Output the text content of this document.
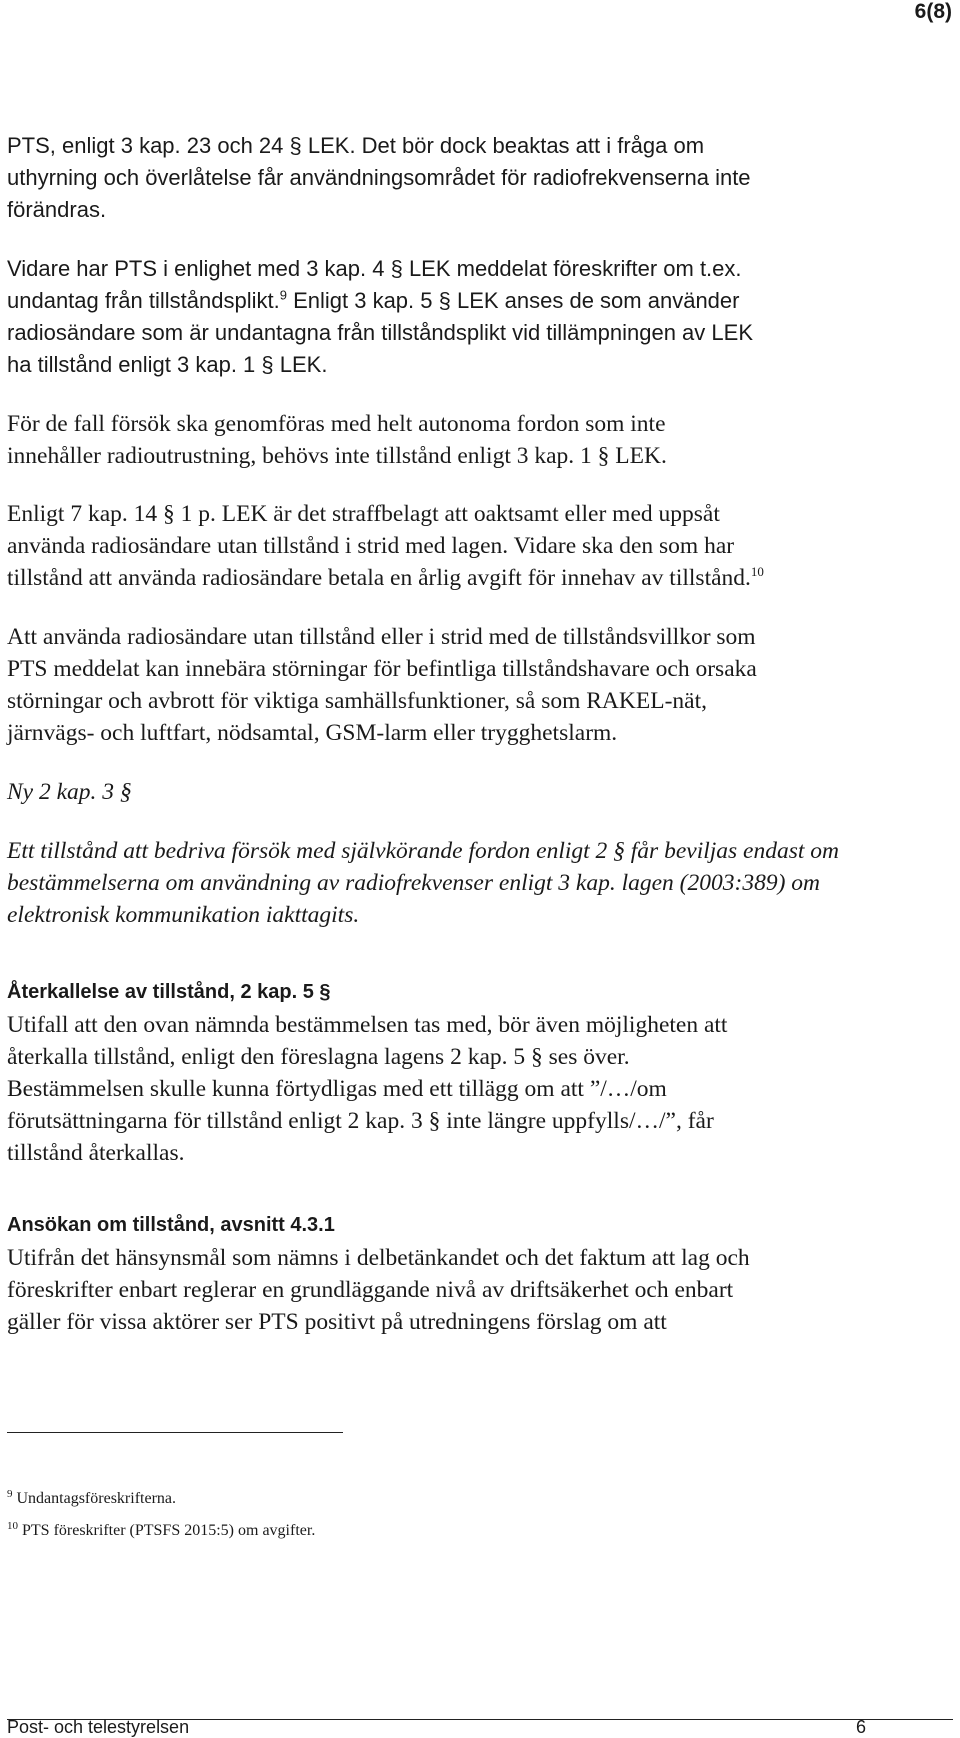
6(8)
PTS, enligt 3 kap. 23 och 24 § LEK. Det bör dock beaktas att i fråga om
uthyrning och överlåtelse får användningsområdet för radiofrekvenserna inte
förändras.
Vidare har PTS i enlighet med 3 kap. 4 § LEK meddelat föreskrifter om t.ex.
undantag från tillståndsplikt.$^9$ Enligt 3 kap. 5 § LEK anses de som använder
radiosändare som är undantagna från tillståndsplikt vid tillämpningen av LEK
ha tillstånd enligt 3 kap. 1 § LEK.
För de fall försök ska genomföras med helt autonoma fordon som inte
innehåller radioutrustning, behövs inte tillstånd enligt 3 kap. 1 § LEK.
Enligt 7 kap. 14 § 1 p. LEK är det straffbelagt att oaktsamt eller med uppsåt
använda radiosändare utan tillstånd i strid med lagen. Vidare ska den som har
tillstånd att använda radiosändare betala en årlig avgift för innehav av tillstånd.$^{10}$
Att använda radiosändare utan tillstånd eller i strid med de tillståndsvillkor som
PTS meddelat kan innebära störningar för befintliga tillståndshavare och orsaka
störningar och avbrott för viktiga samhällsfunktioner, så som RAKEL-nät,
järnvägs- och luftfart, nödsamtal, GSM-larm eller trygghetslarm.
Ny 2 kap. 3 §
Ett tillstånd att bedriva försök med självkörande fordon enligt 2 § får beviljas endast om
bestämmelserna om användning av radiofrekvenser enligt 3 kap. lagen (2003:389) om
elektronisk kommunikation iakttagits.
Återkallelse av tillstånd, 2 kap. 5 §
Utifall att den ovan nämnda bestämmelsen tas med, bör även möjligheten att
återkalla tillstånd, enligt den föreslagna lagens 2 kap. 5 § ses över.
Bestämmelsen skulle kunna förtydligas med ett tillägg om att ”/…/om
förutsättningarna för tillstånd enligt 2 kap. 3 § inte längre uppfylls/…/”, får
tillstånd återkallas.
Ansökan om tillstånd, avsnitt 4.3.1
Utifrån det hänsynsmål som nämns i delbetänkandet och det faktum att lag och
föreskrifter enbart reglerar en grundläggande nivå av driftsäkerhet och enbart
gäller för vissa aktörer ser PTS positivt på utredningens förslag om att
$^9$ Undantagsföreskrifterna.
$^{10}$ PTS föreskrifter (PTSFS 2015:5) om avgifter.
Post- och telestyrelsen	6
